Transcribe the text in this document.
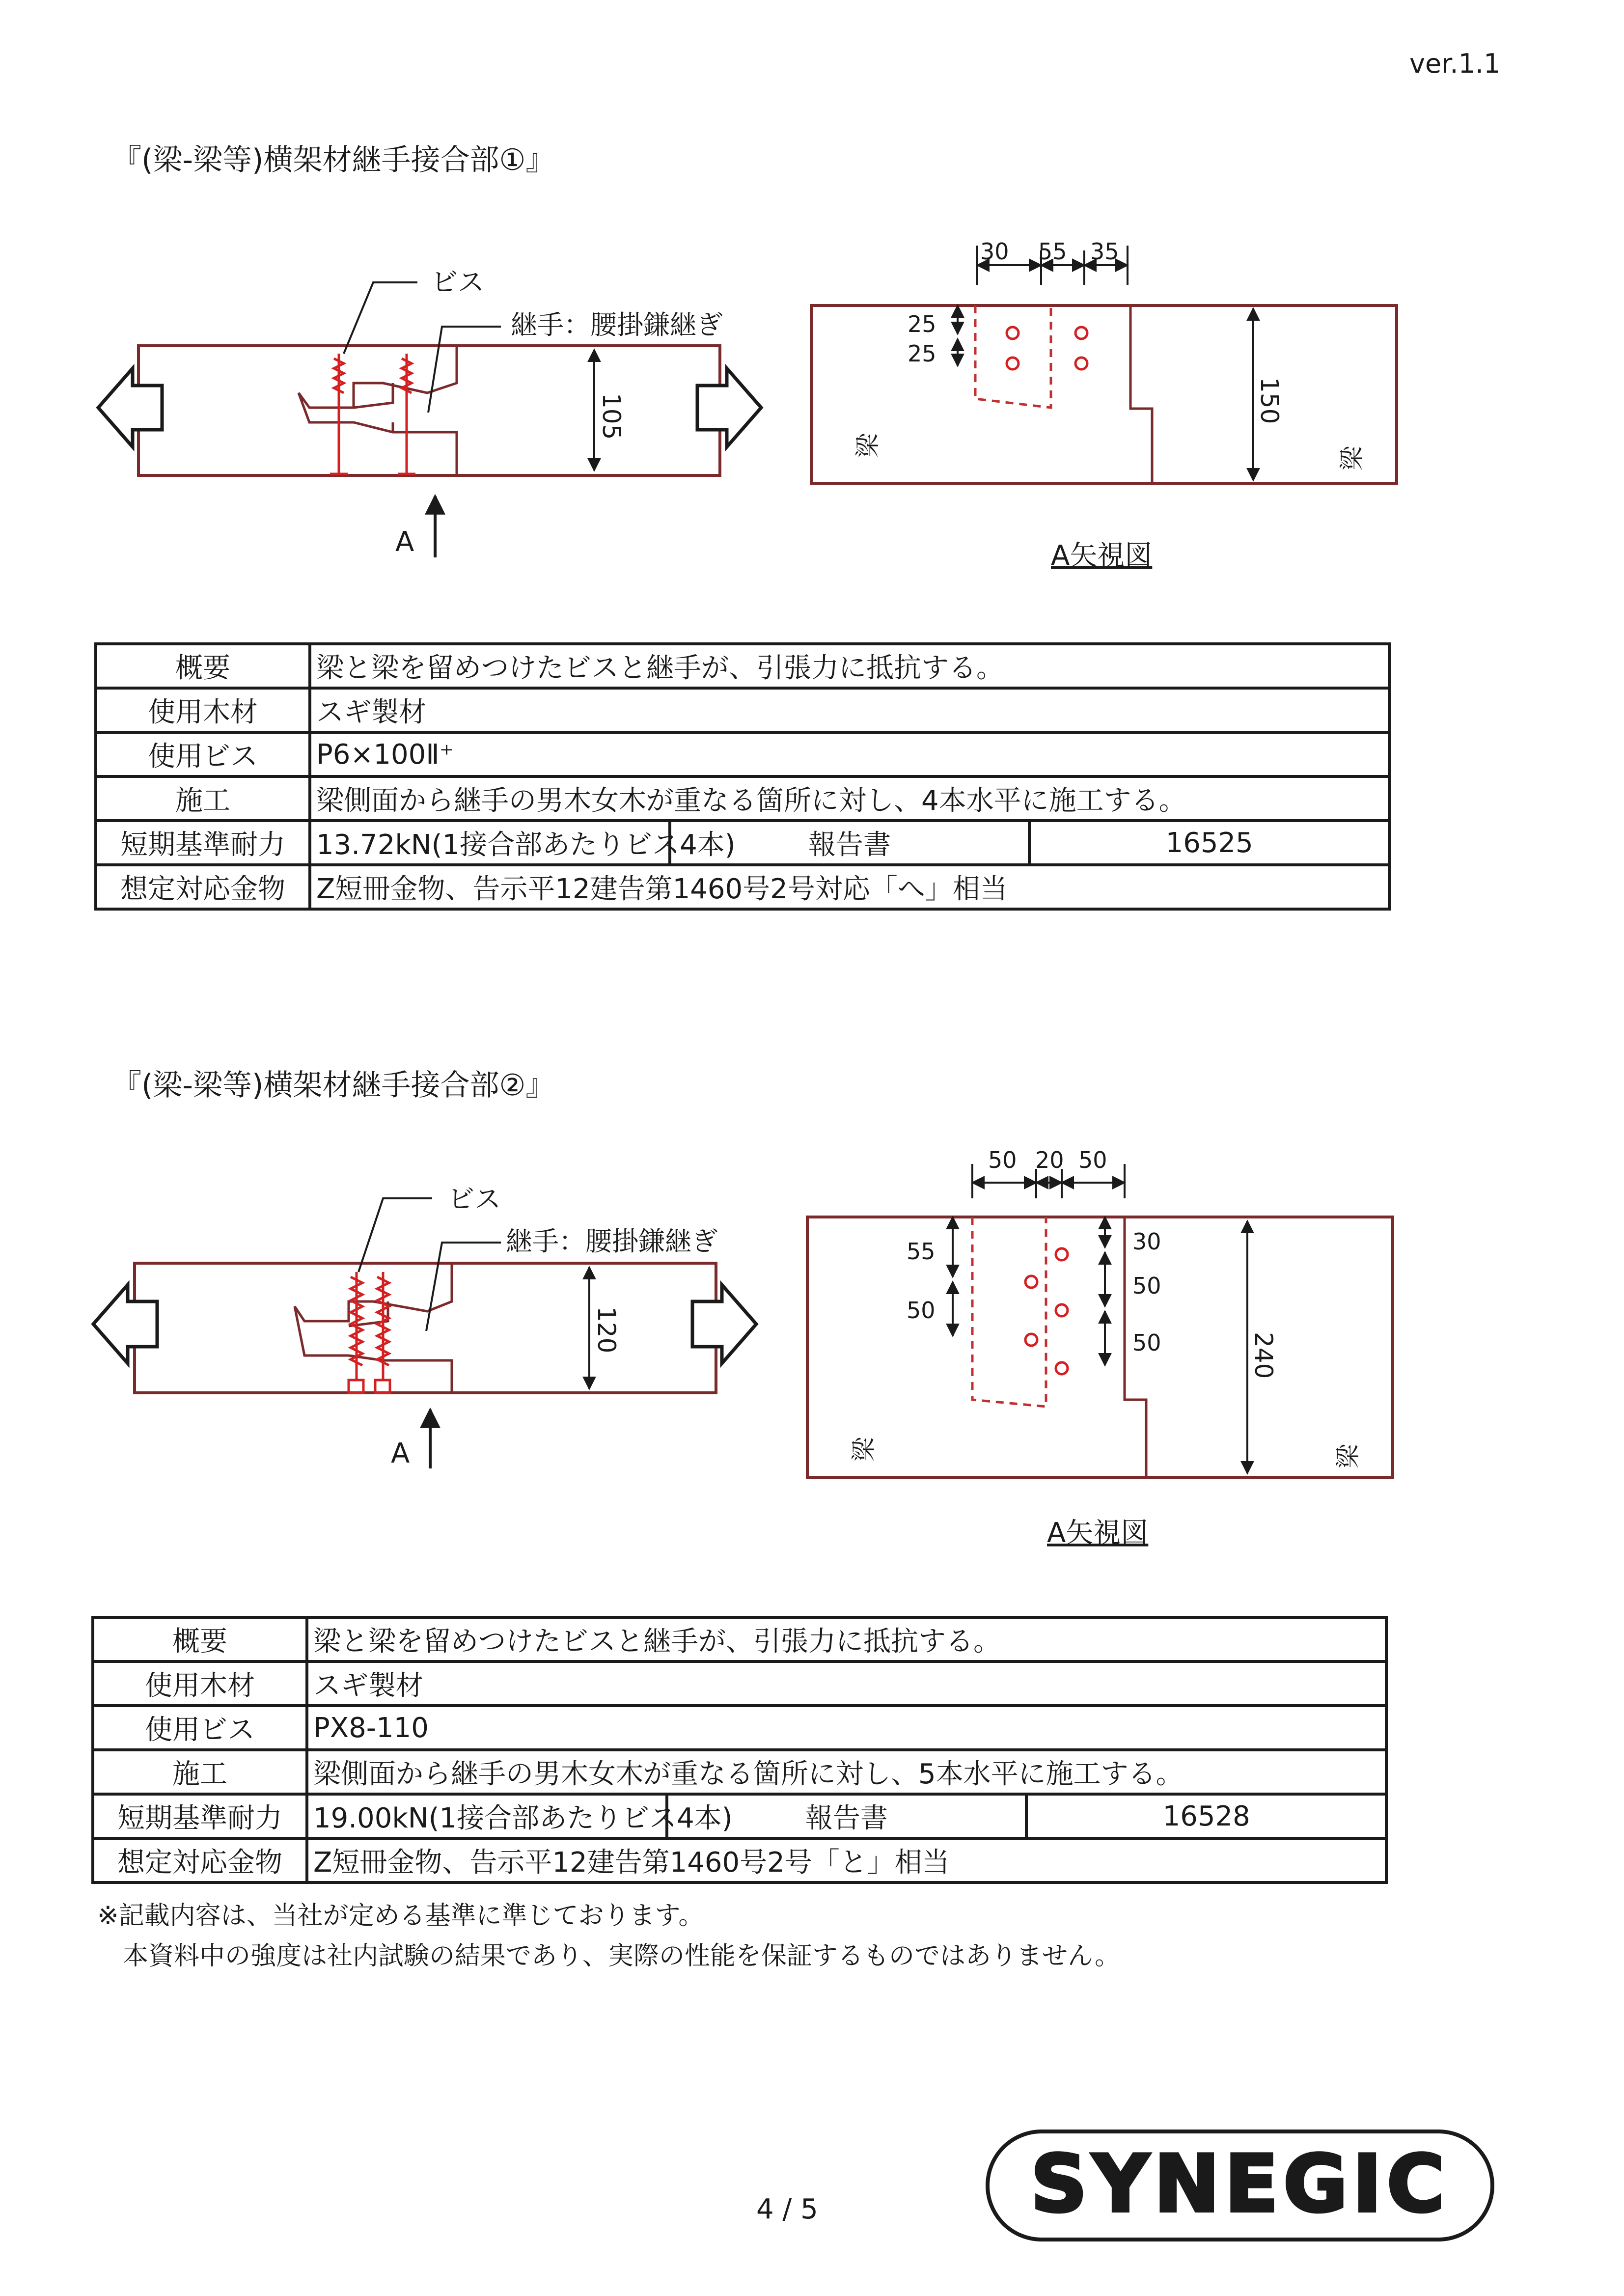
ver.1.1
『(梁-梁等)横架材継手接合部①』
ビス
継手：腰掛鎌継ぎ
105
A
30 55 35
25
25
150
梁
梁
A矢視図
概要	梁と梁を留めつけたビスと継手が、引張力に抵抗する。		
使用木材	スギ製材		
使用ビス	P6×100Ⅱ⁺		
施工	梁側面から継手の男木女木が重なる箇所に対し、4本水平に施工する。		
短期基準耐力	13.72kN(1接合部あたりビス4本)	報告書	16525
想定対応金物	Z短冊金物、告示平12建告第1460号2号対応「へ」相当		
『(梁-梁等)横架材継手接合部②』
ビス
継手：腰掛鎌継ぎ
120
A
50 20 50
55
50
30
50
50	240
梁	梁
A矢視図
概要	梁と梁を留めつけたビスと継手が、引張力に抵抗する。		
使用木材	スギ製材		
使用ビス	PX8-110		
施工	梁側面から継手の男木女木が重なる箇所に対し、5本水平に施工する。		
短期基準耐力	19.00kN(1接合部あたりビス4本)	報告書	16528
想定対応金物	Z短冊金物、告示平12建告第1460号2号「と」相当		
※記載内容は、当社が定める基準に準じております。
本資料中の強度は社内試験の結果であり、実際の性能を保証するものではありません。
4 / 5	SYNEGIC
